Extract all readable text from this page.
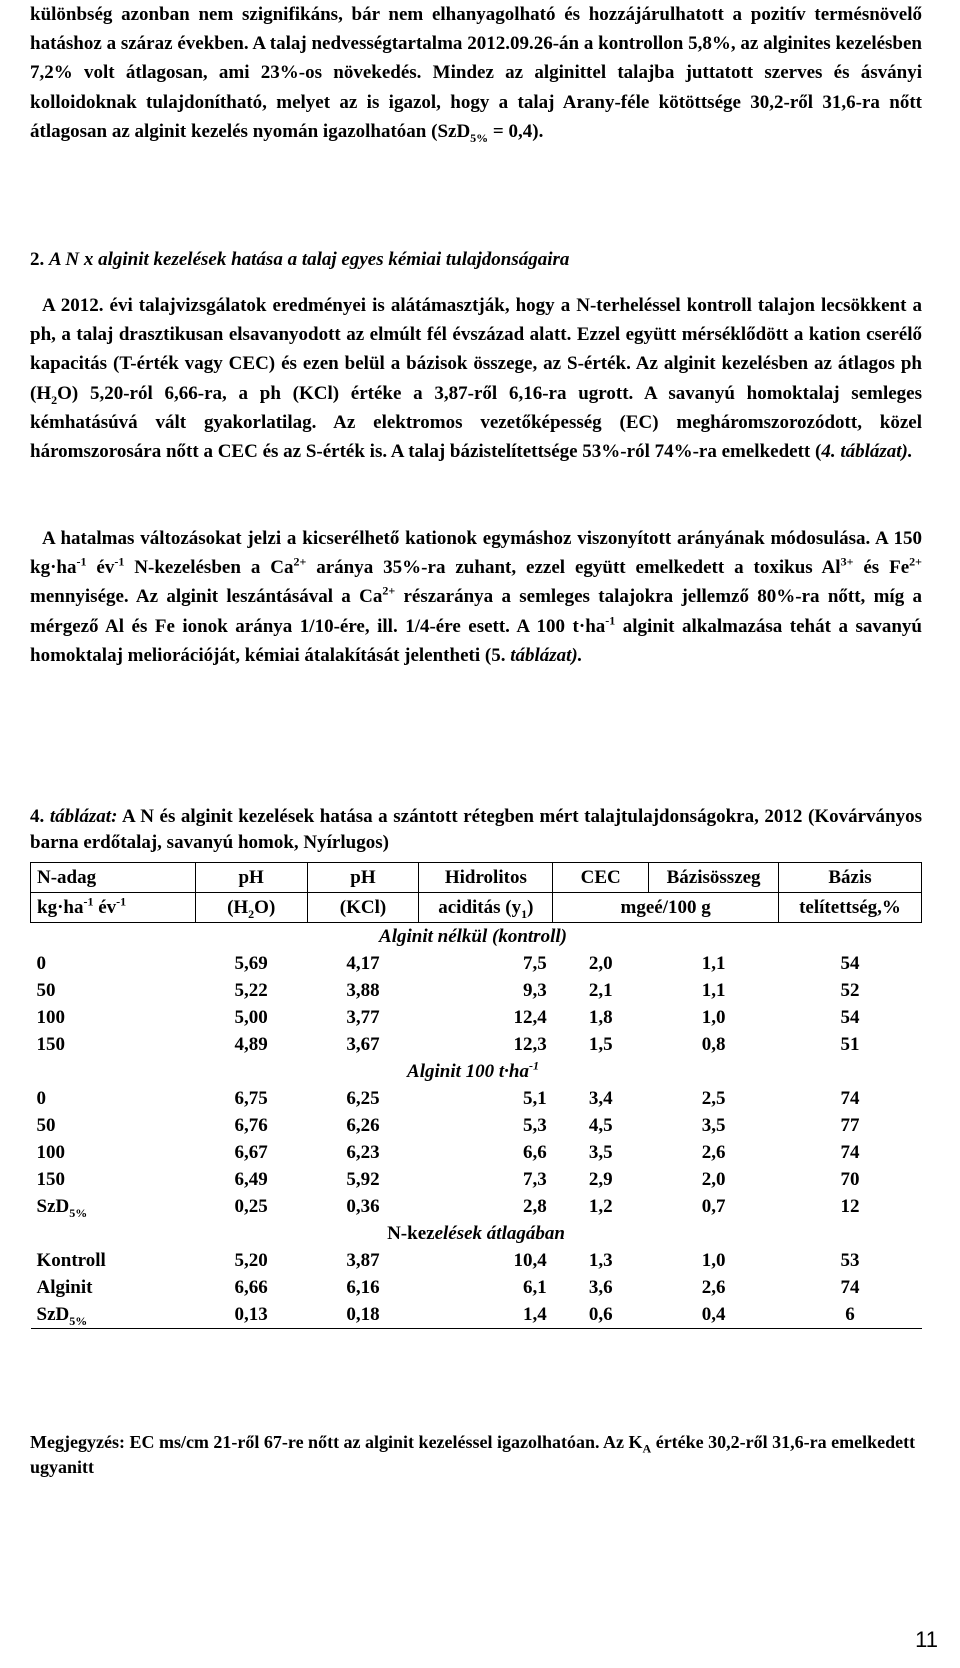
különbség azonban nem szignifikáns, bár nem elhanyagolható és hozzájárulhatott a pozitív termésnövelő hatáshoz a száraz években. A talaj nedvességtartalma 2012.09.26-án a kontrollon 5,8%, az alginites kezelésben 7,2% volt átlagosan, ami 23%-os növekedés. Mindez az alginittel talajba juttatott szerves és ásványi kolloidoknak tulajdonítható, melyet az is igazol, hogy a talaj Arany-féle kötöttsége 30,2-ről 31,6-ra nőtt átlagosan az alginit kezelés nyomán igazolhatóan (SzD$_{5\%}$ = 0,4).

2. A N x alginit kezelések hatása a talaj egyes kémiai tulajdonságaira

A 2012. évi talajvizsgálatok eredményei is alátámasztják, hogy a N-terheléssel kontroll talajon lecsökkent a ph, a talaj drasztikusan elsavanyodott az elmúlt fél évszázad alatt. Ezzel együtt mérséklődött a kation cserélő kapacitás (T-érték vagy CEC) és ezen belül a bázisok összege, az S-érték. Az alginit kezelésben az átlagos ph $(H_2O)$ 5,20-ról 6,66-ra, a ph (KCl) értéke a 3,87-ről 6,16-ra ugrott. A savanyú homoktalaj semleges kémhatásúvá vált gyakorlatilag. Az elektromos vezetőképesség (EC) megháromszorozódott, közel háromszorosára nőtt a CEC és az S-érték is. A talaj bázistelítettsége 53%-ról 74%-ra emelkedett (4. táblázat).

A hatalmas változásokat jelzi a kicserélhető kationok egymáshoz viszonyított arányának módosulása. A 150 $kg\cdot ha^{-1}$ $év^{-1}$ N-kezelésben a $Ca^{2+}$ aránya 35%-ra zuhant, ezzel együtt emelkedett a toxikus $Al^{3+}$ és $Fe^{2+}$ mennyisége. Az alginit leszántásával a $Ca^{2+}$ részaránya a semleges talajokra jellemző 80%-ra nőtt, míg a mérgező Al és Fe ionok aránya 1/10-ére, ill. 1/4-ére esett. A 100 $t\cdot ha^{-1}$ alginit alkalmazása tehát a savanyú homoktalaj meliorációját, kémiai átalakítását jelentheti (5. táblázat).

4. táblázat: A N és alginit kezelések hatása a szántott rétegben mért talajtulajdonságokra, 2012 (Kovárványos barna erdőtalaj, savanyú homok, Nyírlugos)

N-adag	pH	pH	Hidrolitos	CEC	Bázisösszeg	Bázis
$kg\cdot ha^{-1}$ $év^{-1}$	$(H_2O)$	(KCl)	aciditás $(y_1)$	mgeé/100 g		telítettség,%
Alginit nélkül (kontroll)						
0	5,69	4,17	7,5	2,0	1,1	54
50	5,22	3,88	9,3	2,1	1,1	52
100	5,00	3,77	12,4	1,8	1,0	54
150	4,89	3,67	12,3	1,5	0,8	51
Alginit 100 $t\cdot ha^{-1}$
0	6,75	6,25	5,1	3,4	2,5	74
50	6,76	6,26	5,3	4,5	3,5	77
100	6,67	6,23	6,6	3,5	2,6	74
150	6,49	5,92	7,3	2,9	2,0	70
SzD$_{5\%}$	0,25	0,36	2,8	1,2	0,7	12
N-kezelések átlagában						
Kontroll	5,20	3,87	10,4	1,3	1,0	53
Alginit	6,66	6,16	6,1	3,6	2,6	74
SzD$_{5\%}$	0,13	0,18	1,4	0,6	0,4	6

Megjegyzés: EC ms/cm 21-ről 67-re nőtt az alginit kezeléssel igazolhatóan. Az $K_A$ értéke 30,2-ről 31,6-ra emelkedett ugyanitt

11
